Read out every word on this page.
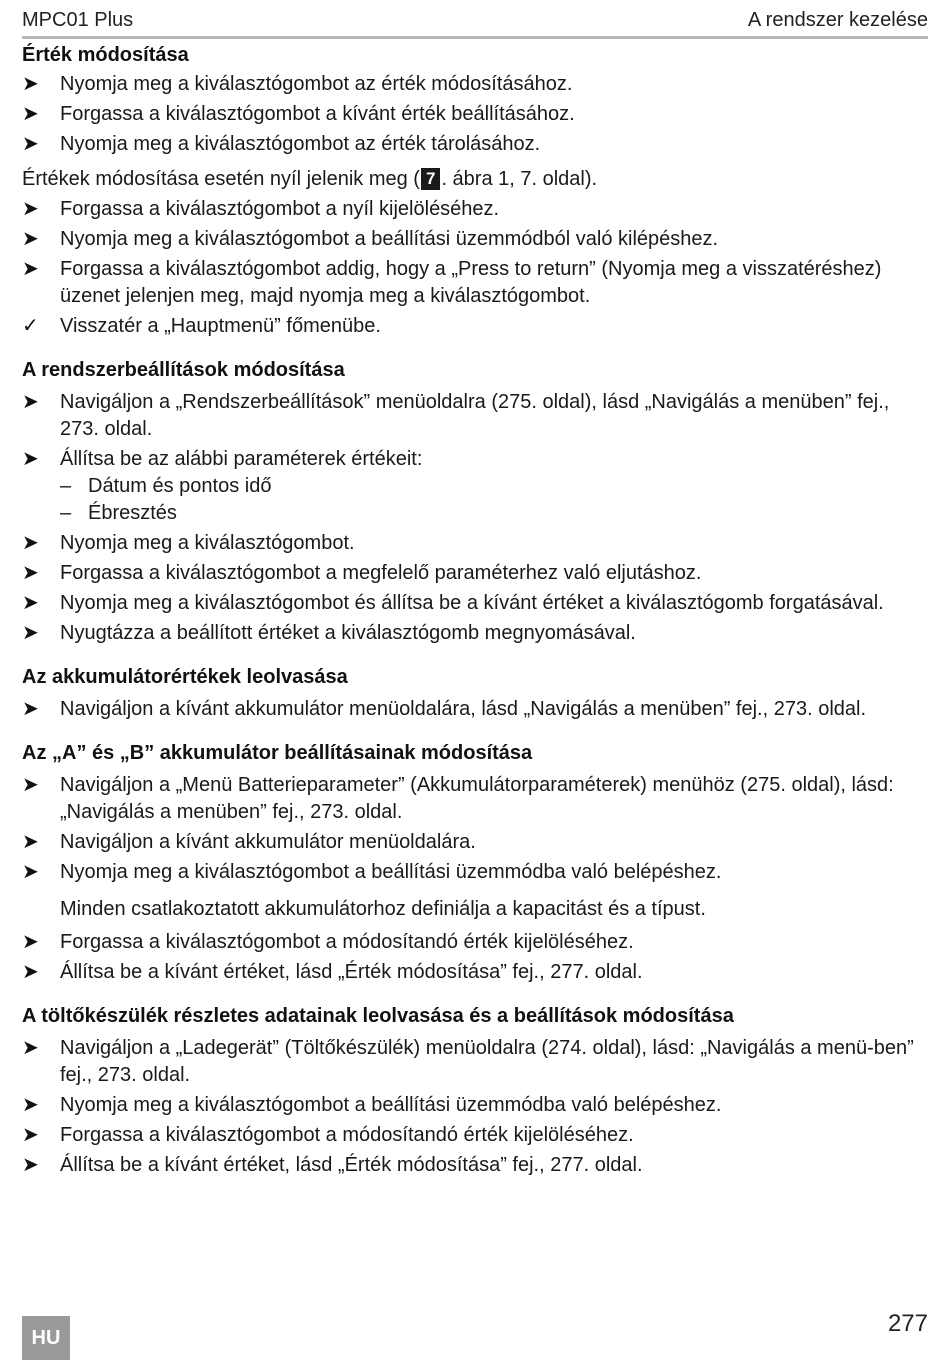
MPC01 Plus	A rendszer kezelése
Érték módosítása
➤	Nyomja meg a kiválasztógombot az érték módosításához.
➤	Forgassa a kiválasztógombot a kívánt érték beállításához.
➤	Nyomja meg a kiválasztógombot az érték tárolásához.

Értékek módosítása esetén nyíl jelenik meg ( 7 . ábra 1, 7. oldal).

➤	Forgassa a kiválasztógombot a nyíl kijelöléséhez.
➤	Nyomja meg a kiválasztógombot a beállítási üzemmódból való kilépéshez.
➤	Forgassa a kiválasztógombot addig, hogy a „Press to return” (Nyomja meg a visszatéréshez) üzenet jelenjen meg, majd nyomja meg a kiválasztógombot.
✓	Visszatér a „Hauptmenü” főmenübe.
A rendszerbeállítások módosítása
➤	Navigáljon a „Rendszerbeállítások” menüoldalra (275. oldal), lásd „Navigálás a menüben” fej., 273. oldal.
➤	Állítsa be az alábbi paraméterek értékeit:
– Dátum és pontos idő
– Ébresztés
➤	Nyomja meg a kiválasztógombot.
➤	Forgassa a kiválasztógombot a megfelelő paraméterhez való eljutáshoz.
➤	Nyomja meg a kiválasztógombot és állítsa be a kívánt értéket a kiválasztógomb forgatásával.
➤	Nyugtázza a beállított értéket a kiválasztógomb megnyomásával.
Az akkumulátorértékek leolvasása
➤	Navigáljon a kívánt akkumulátor menüoldalára, lásd „Navigálás a menüben” fej., 273. oldal.
Az „A” és „B” akkumulátor beállításainak módosítása
➤	Navigáljon a „Menü Batterieparameter” (Akkumulátorparaméterek) menühöz (275. oldal), lásd: „Navigálás a menüben” fej., 273. oldal.
➤	Navigáljon a kívánt akkumulátor menüoldalára.
➤	Nyomja meg a kiválasztógombot a beállítási üzemmódba való belépéshez.

Minden csatlakoztatott akkumulátorhoz definiálja a kapacitást és a típust.

➤	Forgassa a kiválasztógombot a módosítandó érték kijelöléséhez.
➤	Állítsa be a kívánt értéket, lásd „Érték módosítása” fej., 277. oldal.
A töltőkészülék részletes adatainak leolvasása és a beállítások módosítása
➤	Navigáljon a „Ladegerät” (Töltőkészülék) menüoldalra (274. oldal), lásd: „Navigálás a menü-ben” fej., 273. oldal.
➤	Nyomja meg a kiválasztógombot a beállítási üzemmódba való belépéshez.
➤	Forgassa a kiválasztógombot a módosítandó érték kijelöléséhez.
➤	Állítsa be a kívánt értéket, lásd „Érték módosítása” fej., 277. oldal.
HU
277
